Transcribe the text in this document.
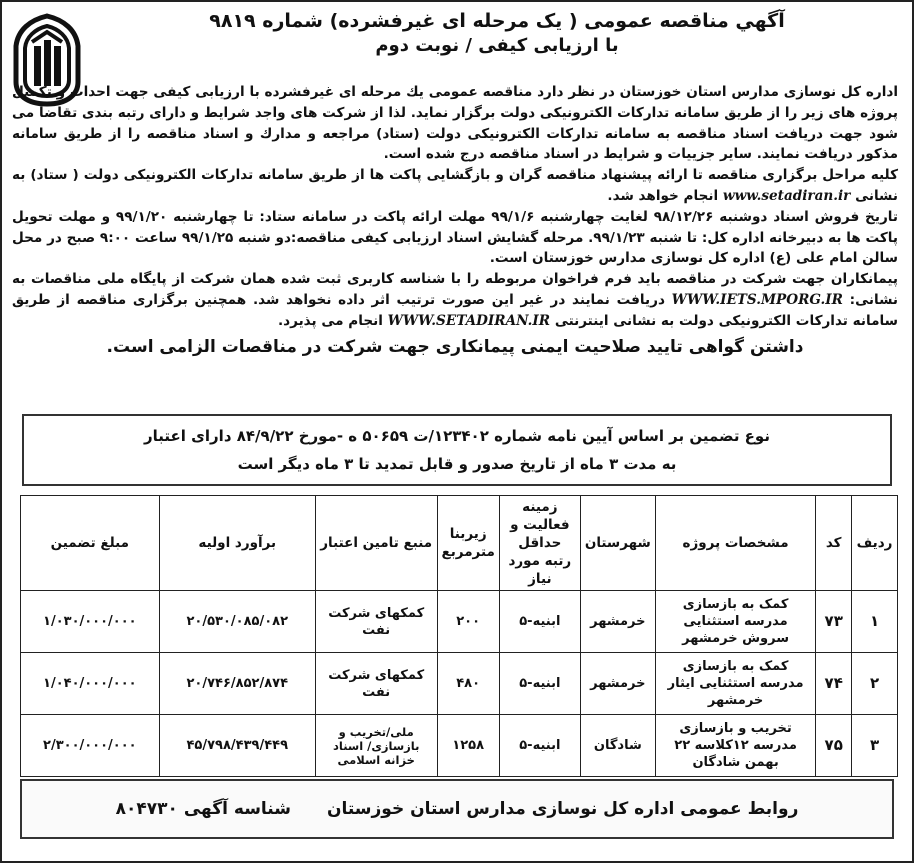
آگهي مناقصه عمومی ( یک مرحله ای غیرفشرده) شماره ۹۸۱۹
با ارزیابی کیفی / نوبت دوم

اداره کل نوسازی مدارس استان خوزستان در نظر دارد مناقصه عمومی يك مرحله ای غیرفشرده با ارزیابی کیفی جهت احداث و تکمیل پروژه های زیر را از طریق سامانه تدارکات الکترونیکی دولت برگزار نماید. لذا از شرکت های واجد شرایط و دارای رتبه بندی تقاضا می شود جهت دریافت اسناد مناقصه به سامانه تدارکات الکترونیکی دولت (ستاد) مراجعه و مدارك و اسناد مناقصه را از طریق سامانه مذکور دریافت نمایند. سایر جزییات و شرایط در اسناد مناقصه درج شده است.

کلیه مراحل برگزاری مناقصه تا ارائه پیشنهاد مناقصه گران و بازگشایی پاکت ها از طریق سامانه تدارکات الکترونیکی دولت ( ستاد) به نشانی www.setadiran.ir انجام خواهد شد.

تاریخ فروش اسناد دوشنبه ۹۸/۱۲/۲۶ لغایت چهارشنبه ۹۹/۱/۶ مهلت ارائه پاکت در سامانه ستاد: تا چهارشنبه ۹۹/۱/۲۰ و مهلت تحویل پاکت ها به دبیرخانه اداره کل: تا شنبه ۹۹/۱/۲۳. مرحله گشایش اسناد ارزیابی کیفی مناقصه:دو شنبه ۹۹/۱/۲۵ ساعت ۹:۰۰ صبح در محل سالن امام علی (ع) اداره کل نوسازی مدارس خوزستان است.

پیمانکاران جهت شرکت در مناقصه باید فرم فراخوان مربوطه را با شناسه کاربری ثبت شده همان شرکت از پایگاه ملی مناقصات به نشانی: WWW.IETS.MPORG.IR دریافت نمایند در غیر این صورت ترتیب اثر داده نخواهد شد. همچنین برگزاری مناقصه از طریق سامانه تدارکات الکترونیکی دولت به نشانی اینترنتی WWW.SETADIRAN.IR انجام می پذیرد.

داشتن گواهی تایید صلاحیت ایمنی پیمانکاری جهت شرکت در مناقصات الزامی است.
نوع تضمین بر اساس آیین نامه شماره ۱۲۳۴۰۲/ت ۵۰۶۵۹ ه -مورخ ۸۴/۹/۲۲ دارای اعتبار
به مدت ۳ ماه از تاریخ صدور و قابل تمدید تا ۳ ماه دیگر است
ردیف	کد	مشخصات پروژه	شهرستان	زمینه فعالیت و حداقل رتبه مورد نیاز	زیربنا مترمربع	منبع تامین اعتبار	برآورد اولیه	مبلغ تضمین
۱	۷۳	کمک به بازسازی مدرسه استثنایی سروش خرمشهر	خرمشهر	ابنیه-۵	۲۰۰	کمکهای شرکت نفت	۲۰/۵۳۰/۰۸۵/۰۸۲	۱/۰۳۰/۰۰۰/۰۰۰
۲	۷۴	کمک به بازسازی مدرسه استثنایی ایثار خرمشهر	خرمشهر	ابنیه-۵	۴۸۰	کمکهای شرکت نفت	۲۰/۷۴۶/۸۵۲/۸۷۴	۱/۰۴۰/۰۰۰/۰۰۰
۳	۷۵	تخریب و بازسازی مدرسه ۱۲کلاسه ۲۲ بهمن شادگان	شادگان	ابنیه-۵	۱۲۵۸	ملی/تخریب و بازسازی/ اسناد خزانه اسلامی	۴۵/۷۹۸/۴۳۹/۴۴۹	۲/۳۰۰/۰۰۰/۰۰۰
روابط عمومی اداره کل نوسازی مدارس استان خوزستان
شناسه آگهی ۸۰۴۷۳۰
